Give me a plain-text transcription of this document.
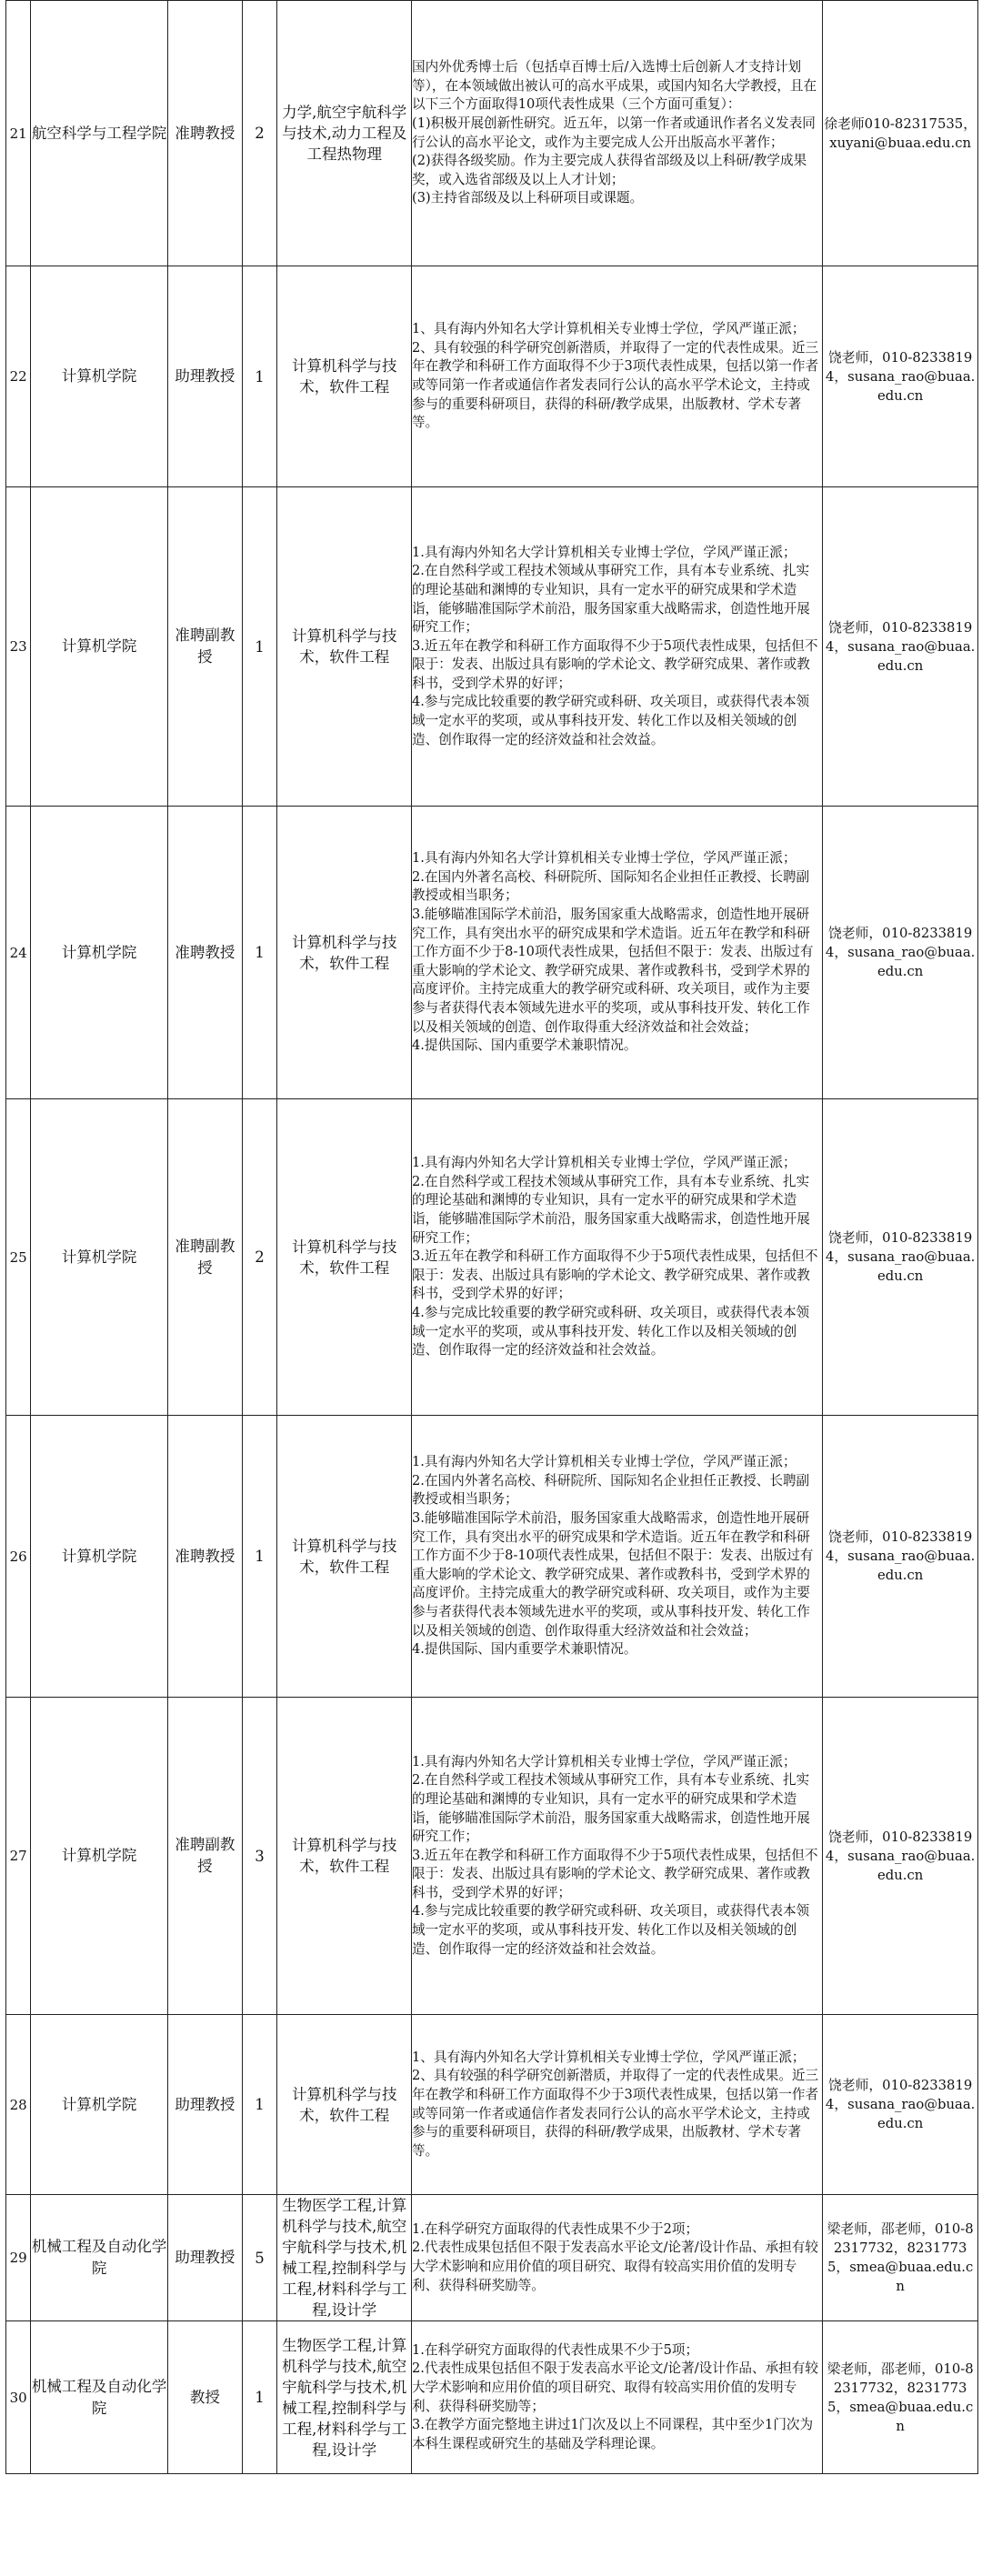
21	航空科学与工程学院	准聘教授	2	力学,航空宇航科学与技术,动力工程及工程热物理	国内外优秀博士后（包括卓百博士后/入选博士后创新人才支持计划等），在本领域做出被认可的高水平成果，或国内知名大学教授，且在以下三个方面取得10项代表性成果（三个方面可重复）：
(1)积极开展创新性研究。近五年，以第一作者或通讯作者名义发表同行公认的高水平论文，或作为主要完成人公开出版高水平著作；
(2)获得各级奖励。作为主要完成人获得省部级及以上科研/教学成果奖，或入选省部级及以上人才计划；
(3)主持省部级及以上科研项目或课题。	徐老师010-82317535，xuyani@buaa.edu.cn
22	计算机学院	助理教授	1	计算机科学与技术，软件工程	1、具有海内外知名大学计算机相关专业博士学位，学风严谨正派；
2、具有较强的科学研究创新潜质，并取得了一定的代表性成果。近三年在教学和科研工作方面取得不少于3项代表性成果，包括以第一作者或等同第一作者或通信作者发表同行公认的高水平学术论文，主持或参与的重要科研项目，获得的科研/教学成果，出版教材、学术专著等。	饶老师，010-82338194，susana_rao@buaa.edu.cn
23	计算机学院	准聘副教授	1	计算机科学与技术，软件工程	1.具有海内外知名大学计算机相关专业博士学位，学风严谨正派；
2.在自然科学或工程技术领域从事研究工作，具有本专业系统、扎实的理论基础和渊博的专业知识，具有一定水平的研究成果和学术造诣，能够瞄准国际学术前沿，服务国家重大战略需求，创造性地开展研究工作；
3.近五年在教学和科研工作方面取得不少于5项代表性成果，包括但不限于：发表、出版过具有影响的学术论文、教学研究成果、著作或教科书，受到学术界的好评；
4.参与完成比较重要的教学研究或科研、攻关项目，或获得代表本领域一定水平的奖项，或从事科技开发、转化工作以及相关领域的创造、创作取得一定的经济效益和社会效益。	饶老师，010-82338194，susana_rao@buaa.edu.cn
24	计算机学院	准聘教授	1	计算机科学与技术，软件工程	1.具有海内外知名大学计算机相关专业博士学位，学风严谨正派；
2.在国内外著名高校、科研院所、国际知名企业担任正教授、长聘副教授或相当职务；
3.能够瞄准国际学术前沿，服务国家重大战略需求，创造性地开展研究工作，具有突出水平的研究成果和学术造诣。近五年在教学和科研工作方面不少于8-10项代表性成果，包括但不限于：发表、出版过有重大影响的学术论文、教学研究成果、著作或教科书，受到学术界的高度评价。主持完成重大的教学研究或科研、攻关项目，或作为主要参与者获得代表本领域先进水平的奖项，或从事科技开发、转化工作以及相关领域的创造、创作取得重大经济效益和社会效益；
4.提供国际、国内重要学术兼职情况。	饶老师，010-82338194，susana_rao@buaa.edu.cn
25	计算机学院	准聘副教授	2	计算机科学与技术，软件工程	1.具有海内外知名大学计算机相关专业博士学位，学风严谨正派；
2.在自然科学或工程技术领域从事研究工作，具有本专业系统、扎实的理论基础和渊博的专业知识，具有一定水平的研究成果和学术造诣，能够瞄准国际学术前沿，服务国家重大战略需求，创造性地开展研究工作；
3.近五年在教学和科研工作方面取得不少于5项代表性成果，包括但不限于：发表、出版过具有影响的学术论文、教学研究成果、著作或教科书，受到学术界的好评；
4.参与完成比较重要的教学研究或科研、攻关项目，或获得代表本领域一定水平的奖项，或从事科技开发、转化工作以及相关领域的创造、创作取得一定的经济效益和社会效益。	饶老师，010-82338194，susana_rao@buaa.edu.cn
26	计算机学院	准聘教授	1	计算机科学与技术，软件工程	1.具有海内外知名大学计算机相关专业博士学位，学风严谨正派；
2.在国内外著名高校、科研院所、国际知名企业担任正教授、长聘副教授或相当职务；
3.能够瞄准国际学术前沿，服务国家重大战略需求，创造性地开展研究工作，具有突出水平的研究成果和学术造诣。近五年在教学和科研工作方面不少于8-10项代表性成果，包括但不限于：发表、出版过有重大影响的学术论文、教学研究成果、著作或教科书，受到学术界的高度评价。主持完成重大的教学研究或科研、攻关项目，或作为主要参与者获得代表本领域先进水平的奖项，或从事科技开发、转化工作以及相关领域的创造、创作取得重大经济效益和社会效益；
4.提供国际、国内重要学术兼职情况。	饶老师，010-82338194，susana_rao@buaa.edu.cn
27	计算机学院	准聘副教授	3	计算机科学与技术，软件工程	1.具有海内外知名大学计算机相关专业博士学位，学风严谨正派；
2.在自然科学或工程技术领域从事研究工作，具有本专业系统、扎实的理论基础和渊博的专业知识，具有一定水平的研究成果和学术造诣，能够瞄准国际学术前沿，服务国家重大战略需求，创造性地开展研究工作；
3.近五年在教学和科研工作方面取得不少于5项代表性成果，包括但不限于：发表、出版过具有影响的学术论文、教学研究成果、著作或教科书，受到学术界的好评；
4.参与完成比较重要的教学研究或科研、攻关项目，或获得代表本领域一定水平的奖项，或从事科技开发、转化工作以及相关领域的创造、创作取得一定的经济效益和社会效益。	饶老师，010-82338194，susana_rao@buaa.edu.cn
28	计算机学院	助理教授	1	计算机科学与技术，软件工程	1、具有海内外知名大学计算机相关专业博士学位，学风严谨正派；
2、具有较强的科学研究创新潜质，并取得了一定的代表性成果。近三年在教学和科研工作方面取得不少于3项代表性成果，包括以第一作者或等同第一作者或通信作者发表同行公认的高水平学术论文，主持或参与的重要科研项目，获得的科研/教学成果，出版教材、学术专著等。	饶老师，010-82338194，susana_rao@buaa.edu.cn
29	机械工程及自动化学院	助理教授	5	生物医学工程,计算机科学与技术,航空宇航科学与技术,机械工程,控制科学与工程,材料科学与工程,设计学	1.在科学研究方面取得的代表性成果不少于2项；
2.代表性成果包括但不限于发表高水平论文/论著/设计作品、承担有较大学术影响和应用价值的项目研究、取得有较高实用价值的发明专利、获得科研奖励等。	梁老师，邵老师，010-82317732，82317735，smea@buaa.edu.cn
30	机械工程及自动化学院	教授	1	生物医学工程,计算机科学与技术,航空宇航科学与技术,机械工程,控制科学与工程,材料科学与工程,设计学	1.在科学研究方面取得的代表性成果不少于5项；
2.代表性成果包括但不限于发表高水平论文/论著/设计作品、承担有较大学术影响和应用价值的项目研究、取得有较高实用价值的发明专利、获得科研奖励等；
3.在教学方面完整地主讲过1门次及以上不同课程，其中至少1门次为本科生课程或研究生的基础及学科理论课。	梁老师，邵老师，010-82317732，82317735，smea@buaa.edu.cn
